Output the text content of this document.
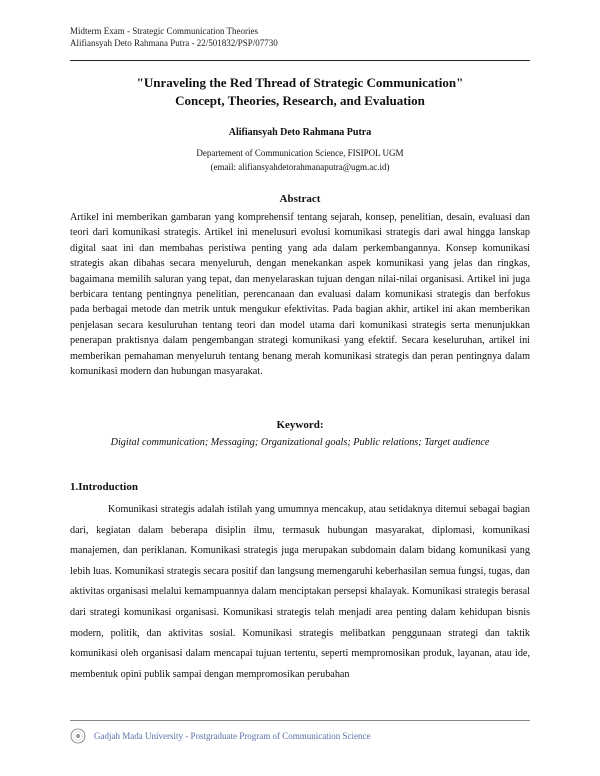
Midterm Exam - Strategic Communication Theories
Alifiansyah Deto Rahmana Putra - 22/501832/PSP/07730
"Unraveling the Red Thread of Strategic Communication"
Concept, Theories, Research, and Evaluation
Alifiansyah Deto Rahmana Putra
Departement of Communication Science, FISIPOL UGM
(email: alifiansyahdetorahmanaputra@ugm.ac.id)
Abstract

Artikel ini memberikan gambaran yang komprehensif tentang sejarah, konsep, penelitian, desain, evaluasi dan teori dari komunikasi strategis. Artikel ini menelusuri evolusi komunikasi strategis dari awal hingga lanskap digital saat ini dan membahas peristiwa penting yang ada dalam perkembangannya. Konsep komunikasi strategis akan dibahas secara menyeluruh, dengan menekankan aspek komunikasi yang jelas dan ringkas, bagaimana memilih saluran yang tepat, dan menyelaraskan tujuan dengan nilai-nilai organisasi. Artikel ini juga berbicara tentang pentingnya penelitian, perencanaan dan evaluasi dalam komunikasi strategis dan berfokus pada berbagai metode dan metrik untuk mengukur efektivitas. Pada bagian akhir, artikel ini akan memberikan penjelasan secara kesuluruhan tentang teori dan model utama dari komunikasi strategis serta menunjukkan penerapan praktisnya dalam pengembangan strategi komunikasi yang efektif. Secara keseluruhan, artikel ini memberikan pemahaman menyeluruh tentang benang merah komunikasi strategis dan peran pentingnya dalam komunikasi modern dan hubungan masyarakat.

Keyword:
Digital communication; Messaging; Organizational goals; Public relations; Target audience
1.Introduction

Komunikasi strategis adalah istilah yang umumnya mencakup, atau setidaknya ditemui sebagai bagian dari, kegiatan dalam beberapa disiplin ilmu, termasuk hubungan masyarakat, diplomasi, komunikasi manajemen, dan periklanan. Komunikasi strategis juga merupakan subdomain dalam bidang komunikasi yang lebih luas. Komunikasi strategis secara positif dan langsung memengaruhi keberhasilan semua fungsi, tugas, dan aktivitas organisasi melalui kemampuannya dalam menciptakan persepsi khalayak. Komunikasi strategis berasal dari strategi komunikasi organisasi. Komunikasi strategis telah menjadi area penting dalam kehidupan bisnis modern, politik, dan aktivitas sosial. Komunikasi strategis melibatkan penggunaan strategi dan taktik komunikasi oleh organisasi dalam mencapai tujuan tertentu, seperti mempromosikan produk, layanan, atau ide, membentuk opini publik sampai dengan mempromosikan perubahan

Gadjah Mada University - Postgraduate Program of Communication Science
